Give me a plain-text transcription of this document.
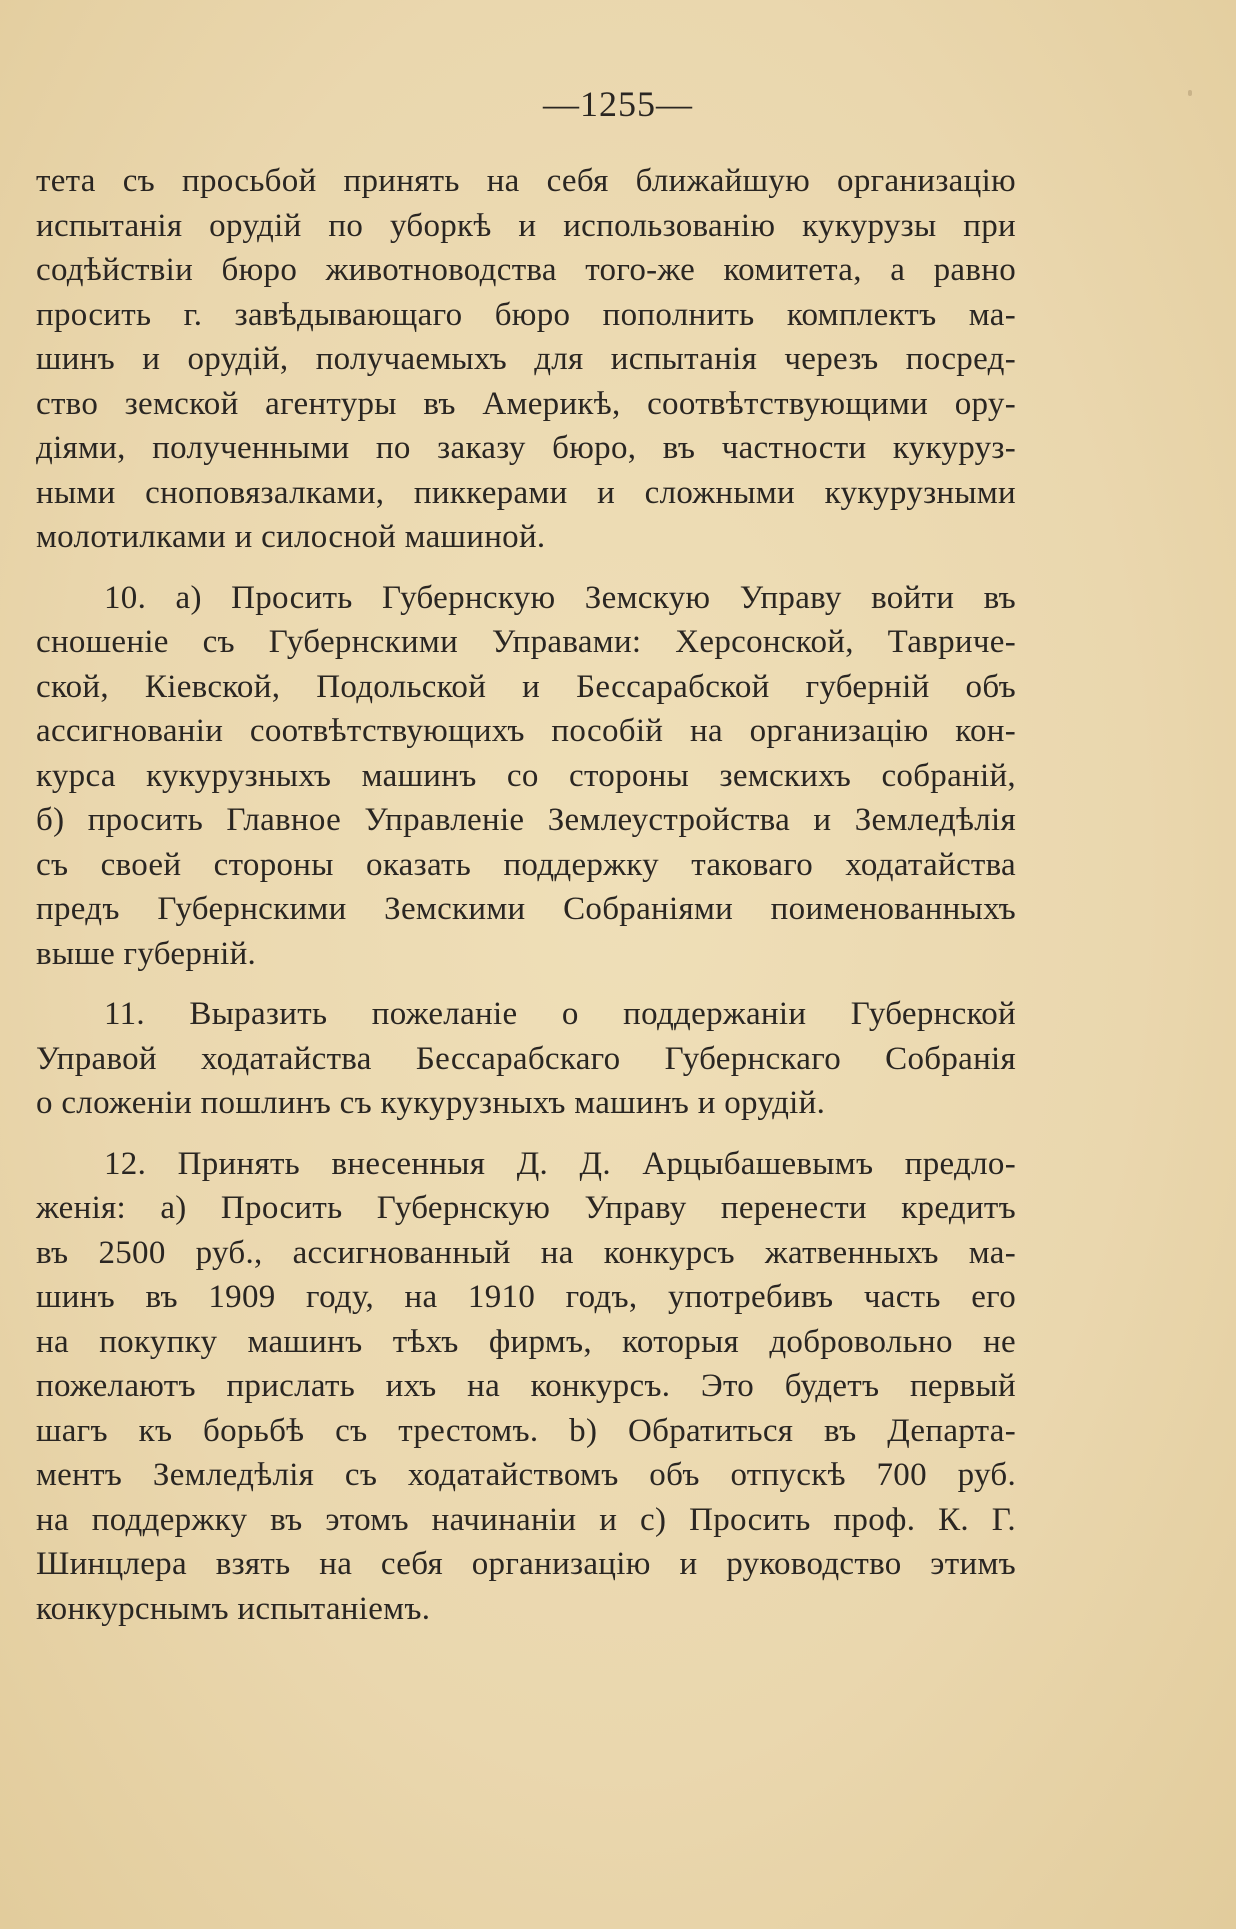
—1255—
тета съ просьбой принять на себя ближайшую организацію
испытанія орудій по уборкѣ и использованію кукурузы при
содѣйствіи бюро животноводства того-же комитета, а равно
просить г. завѣдывающаго бюро пополнить комплектъ ма-
шинъ и орудій, получаемыхъ для испытанія черезъ посред-
ство земской агентуры въ Америкѣ, соотвѣтствующими ору-
діями, полученными по заказу бюро, въ частности кукуруз-
ными сноповязалками, пиккерами и сложными кукурузными
молотилками и силосной машиной.
10. а) Просить Губернскую Земскую Управу войти въ
сношеніе съ Губернскими Управами: Херсонской, Тавриче-
ской, Кіевской, Подольской и Бессарабской губерній объ
ассигнованіи соотвѣтствующихъ пособій на организацію кон-
курса кукурузныхъ машинъ со стороны земскихъ собраній,
б) просить Главное Управленіе Землеустройства и Земледѣлія
съ своей стороны оказать поддержку таковаго ходатайства
предъ Губернскими Земскими Собраніями поименованныхъ
выше губерній.
11. Выразить пожеланіе о поддержаніи Губернской
Управой ходатайства Бессарабскаго Губернскаго Собранія
о сложеніи пошлинъ съ кукурузныхъ машинъ и орудій.
12. Принять внесенныя Д. Д. Арцыбашевымъ предло-
женія: а) Просить Губернскую Управу перенести кредитъ
въ 2500 руб., ассигнованный на конкурсъ жатвенныхъ ма-
шинъ въ 1909 году, на 1910 годъ, употребивъ часть его
на покупку машинъ тѣхъ фирмъ, которыя добровольно не
пожелаютъ прислать ихъ на конкурсъ. Это будетъ первый
шагъ къ борьбѣ съ трестомъ. b) Обратиться въ Департа-
ментъ Земледѣлія съ ходатайствомъ объ отпускѣ 700 руб.
на поддержку въ этомъ начинаніи и с) Просить проф. К. Г.
Шинцлера взять на себя организацію и руководство этимъ
конкурснымъ испытаніемъ.
